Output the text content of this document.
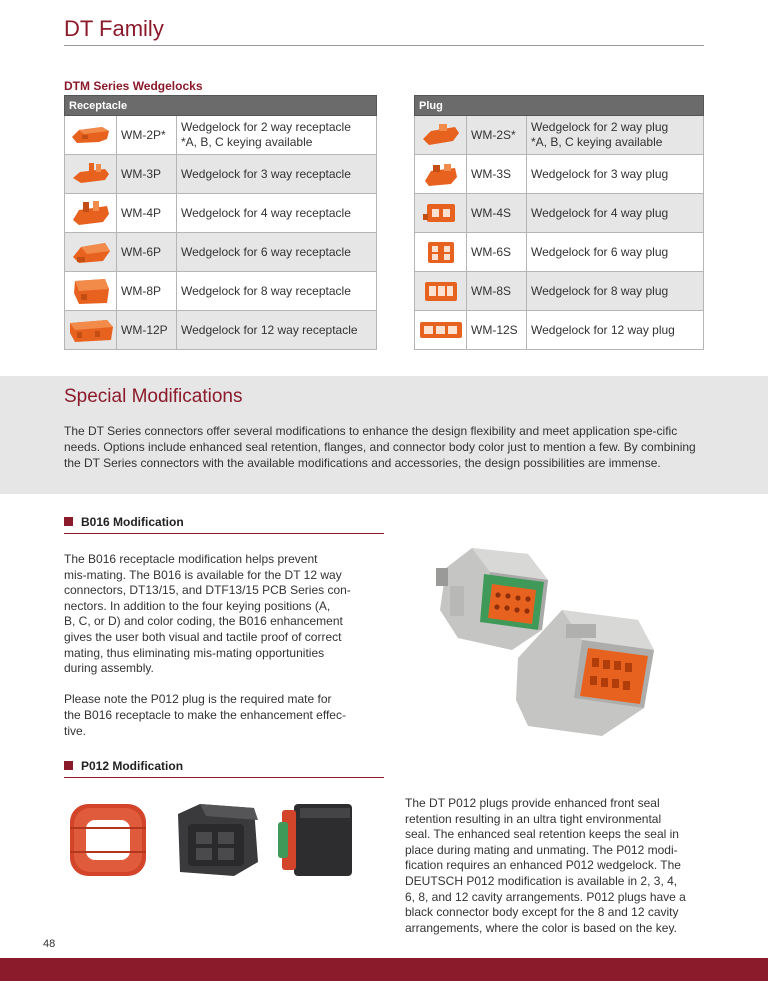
DT Family
DTM Series Wedgelocks
Receptacle		
	WM-2P*	Wedgelock for 2 way receptacle
*A, B, C keying available

	WM-3P	Wedgelock for 3 way receptacle
	WM-4P	Wedgelock for 4 way receptacle
	WM-6P	Wedgelock for 6 way receptacle
	WM-8P	Wedgelock for 8 way receptacle
	WM-12P	Wedgelock for 12 way receptacle
Plug		
	WM-2S*	Wedgelock for 2 way plug
*A, B, C keying available

	WM-3S	Wedgelock for 3 way plug
	WM-4S	Wedgelock for 4 way plug
	WM-6S	Wedgelock for 6 way plug
	WM-8S	Wedgelock for 8 way plug
	WM-12S	Wedgelock for 12 way plug
Special Modifications

The DT Series connectors offer several modifications to enhance the design flexibility and meet application spe-cific needs. Options include enhanced seal retention, flanges, and connector body color just to mention a few. By combining the DT Series connectors with the available modifications and accessories, the design possibilities are immense.

B016 Modification

The B016 receptacle modification helps prevent
mis-mating. The B016 is available for the DT 12 way
connectors, DT13/15, and DTF13/15 PCB Series con-
nectors. In addition to the four keying positions (A,
B, C, or D) and color coding, the B016 enhancement
gives the user both visual and tactile proof of correct
mating, thus eliminating mis-mating opportunities
during assembly.

Please note the P012 plug is the required mate for
the B016 receptacle to make the enhancement effec-
tive.

P012 Modification

The DT P012 plugs provide enhanced front seal
retention resulting in an ultra tight environmental
seal. The enhanced seal retention keeps the seal in
place during mating and unmating. The P012 modi-
fication requires an enhanced P012 wedgelock. The
DEUTSCH P012 modification is available in 2, 3, 4,
6, 8, and 12 cavity arrangements. P012 plugs have a
black connector body except for the 8 and 12 cavity
arrangements, where the color is based on the key.

48
